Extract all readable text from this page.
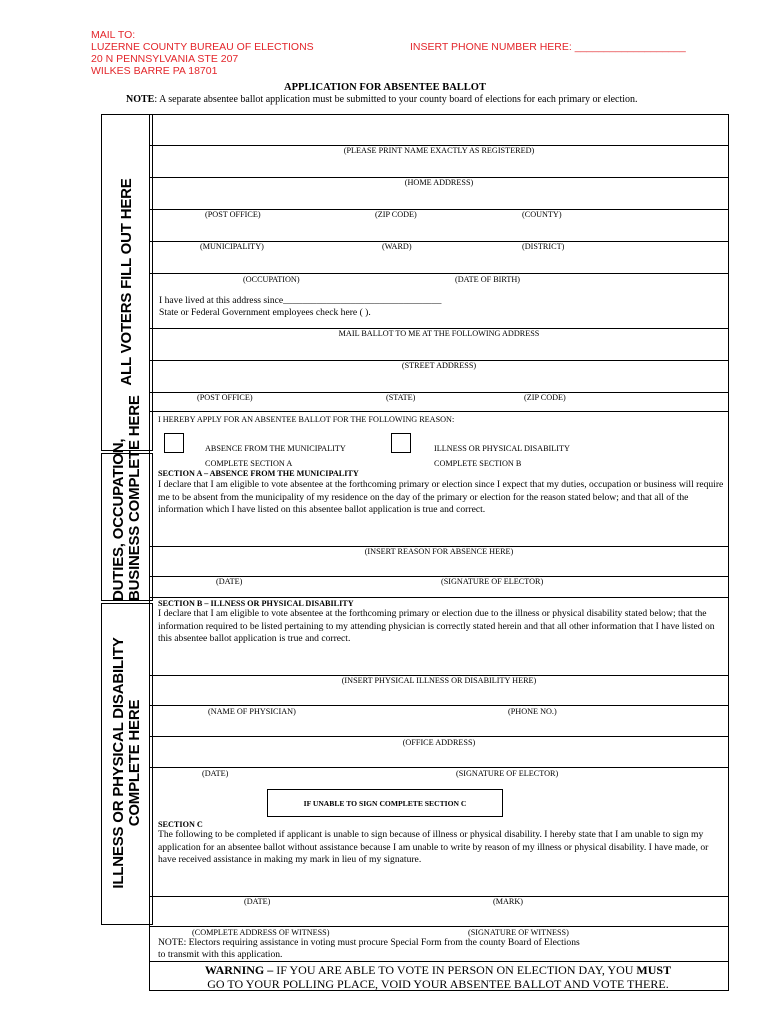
MAIL TO:
LUZERNE COUNTY BUREAU OF ELECTIONS
20 N PENNSYLVANIA STE 207
WILKES BARRE PA 18701
INSERT PHONE NUMBER HERE: ___________________
APPLICATION FOR ABSENTEE BALLOT
NOTE: A separate absentee ballot application must be submitted to your county board of elections for each primary or election.
ALL VOTERS FILL OUT HERE
DUTIES, OCCUPATION, BUSINESS COMPLETE HERE
ILLNESS OR PHYSICAL DISABILITY COMPLETE HERE
(PLEASE PRINT NAME EXACTLY AS REGISTERED)
(HOME ADDRESS)
(POST OFFICE)	(ZIP CODE)	(COUNTY)
(MUNICIPALITY)	(WARD)	(DISTRICT)
(OCCUPATION)	(DATE OF BIRTH)
I have lived at this address since_________________________________
State or Federal Government employees check here ( ).
MAIL BALLOT TO ME AT THE FOLLOWING ADDRESS
(STREET ADDRESS)
(POST OFFICE)	(STATE)	(ZIP CODE)
I HEREBY APPLY FOR AN ABSENTEE BALLOT FOR THE FOLLOWING REASON:
ABSENCE FROM THE MUNICIPALITY
COMPLETE SECTION A
ILLNESS OR PHYSICAL DISABILITY
COMPLETE SECTION B
SECTION A – ABSENCE FROM THE MUNICIPALITY
I declare that I am eligible to vote absentee at the forthcoming primary or election since I expect that my duties, occupation or business will require me to be absent from the municipality of my residence on the day of the primary or election for the reason stated below; and that all of the information which I have listed on this absentee ballot application is true and correct.
(INSERT REASON FOR ABSENCE HERE)
(DATE)	(SIGNATURE OF ELECTOR)
SECTION B – ILLNESS OR PHYSICAL DISABILITY
I declare that I am eligible to vote absentee at the forthcoming primary or election due to the illness or physical disability stated below; that the information required to be listed pertaining to my attending physician is correctly stated herein and that all other information that I have listed on this absentee ballot application is true and correct.
(INSERT PHYSICAL ILLNESS OR DISABILITY HERE)
(NAME OF PHYSICIAN)	(PHONE NO.)
(OFFICE ADDRESS)
(DATE)	(SIGNATURE OF ELECTOR)
IF UNABLE TO SIGN COMPLETE SECTION C
SECTION C
The following to be completed if applicant is unable to sign because of illness or physical disability. I hereby state that I am unable to sign my application for an absentee ballot without assistance because I am unable to write by reason of my illness or physical disability. I have made, or have received assistance in making my mark in lieu of my signature.
(DATE)	(MARK)
(COMPLETE ADDRESS OF WITNESS)	(SIGNATURE OF WITNESS)
NOTE: Electors requiring assistance in voting must procure Special Form from the county Board of Elections
to transmit with this application.
WARNING – IF YOU ARE ABLE TO VOTE IN PERSON ON ELECTION DAY, YOU MUST
GO TO YOUR POLLING PLACE, VOID YOUR ABSENTEE BALLOT AND VOTE THERE.
